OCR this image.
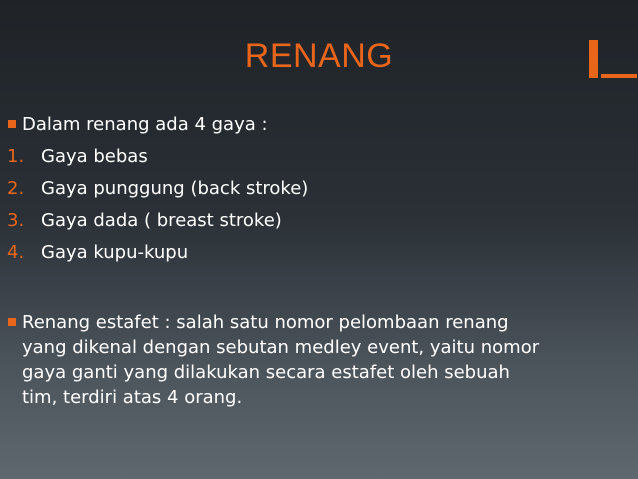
RENANG
Dalam renang ada 4 gaya :
1. Gaya bebas
2. Gaya punggung (back stroke)
3. Gaya dada ( breast stroke)
4. Gaya kupu-kupu
Renang estafet : salah satu nomor pelombaan renang
yang dikenal dengan sebutan medley event, yaitu nomor
gaya ganti yang dilakukan secara estafet oleh sebuah
tim, terdiri atas 4 orang.
